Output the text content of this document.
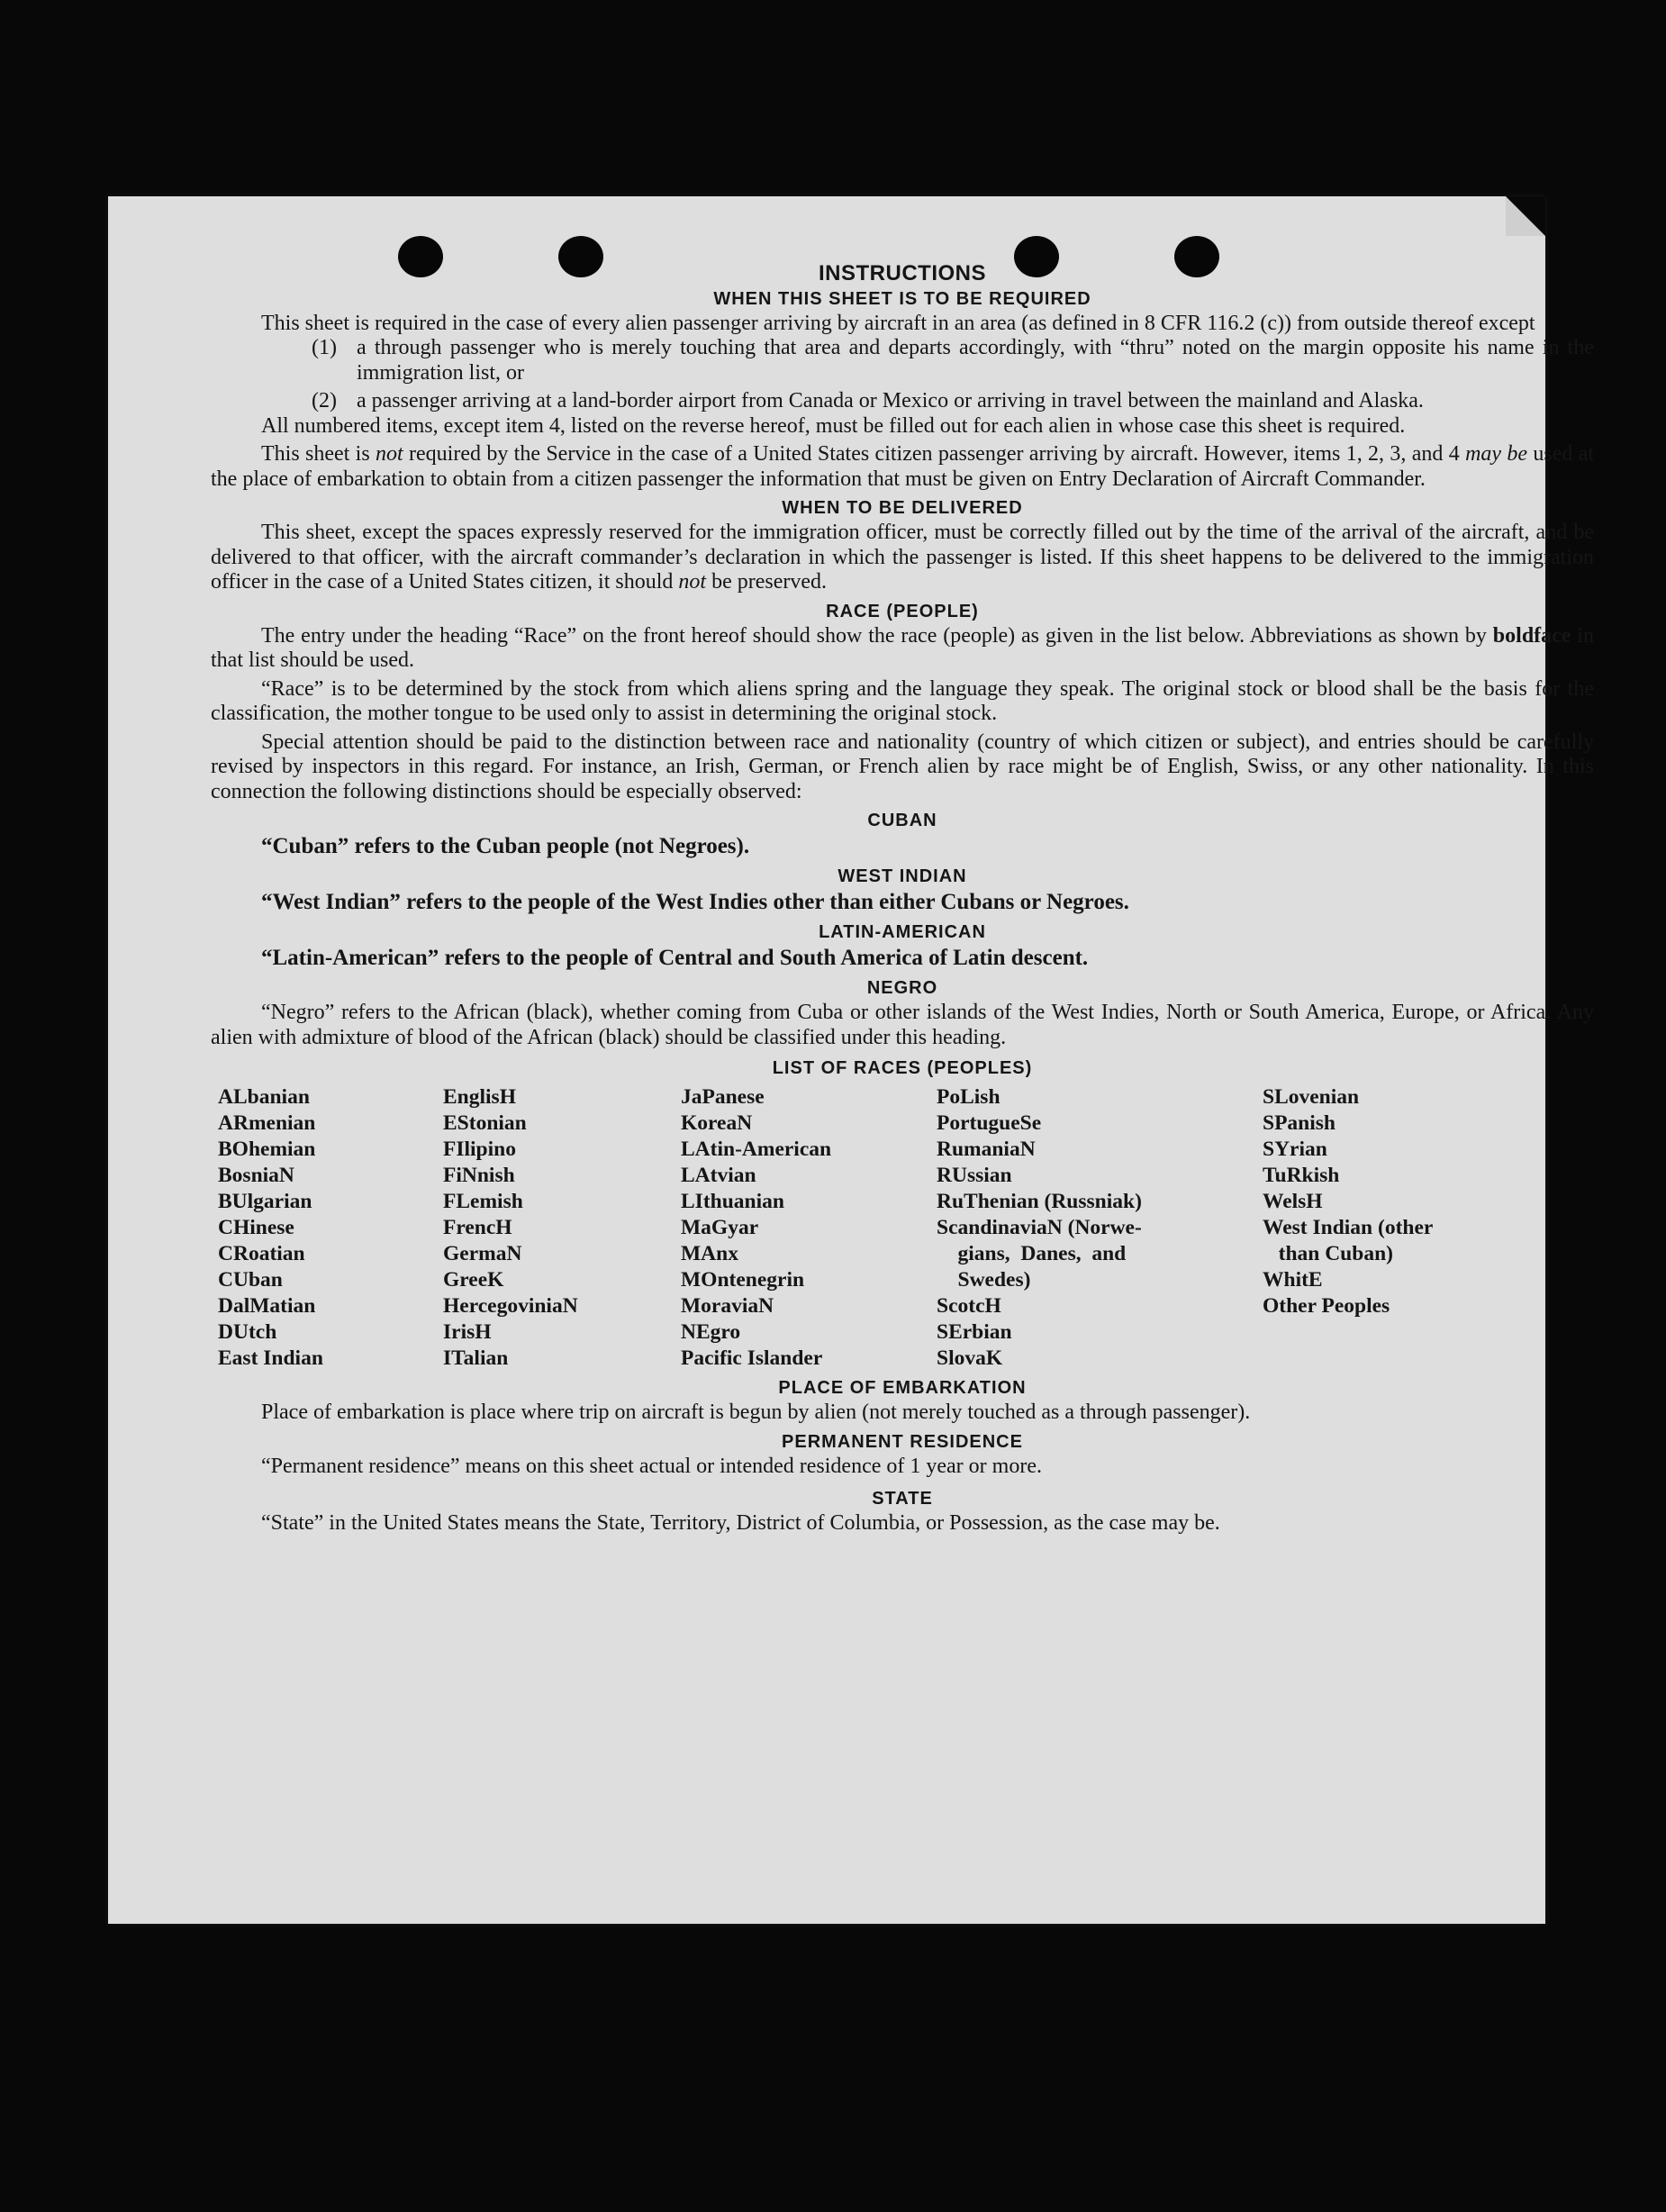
INSTRUCTIONS
WHEN THIS SHEET IS TO BE REQUIRED

This sheet is required in the case of every alien passenger arriving by aircraft in an area (as defined in 8 CFR 116.2 (c)) from outside thereof except

(1) a through passenger who is merely touching that area and departs accordingly, with “thru” noted on the margin opposite his name in the immigration list, or
(2) a passenger arriving at a land-border airport from Canada or Mexico or arriving in travel between the mainland and Alaska.

All numbered items, except item 4, listed on the reverse hereof, must be filled out for each alien in whose case this sheet is required.

This sheet is not required by the Service in the case of a United States citizen passenger arriving by aircraft. However, items 1, 2, 3, and 4 may be used at the place of embarkation to obtain from a citizen passenger the information that must be given on Entry Declaration of Aircraft Commander.

WHEN TO BE DELIVERED

This sheet, except the spaces expressly reserved for the immigration officer, must be correctly filled out by the time of the arrival of the aircraft, and be delivered to that officer, with the aircraft commander’s declaration in which the passenger is listed. If this sheet happens to be delivered to the immigration officer in the case of a United States citizen, it should not be preserved.

RACE (PEOPLE)

The entry under the heading “Race” on the front hereof should show the race (people) as given in the list below. Abbreviations as shown by boldface in that list should be used.

“Race” is to be determined by the stock from which aliens spring and the language they speak. The original stock or blood shall be the basis for the classification, the mother tongue to be used only to assist in determining the original stock.

Special attention should be paid to the distinction between race and nationality (country of which citizen or subject), and entries should be carefully revised by inspectors in this regard. For instance, an Irish, German, or French alien by race might be of English, Swiss, or any other nationality. In this connection the following distinctions should be especially observed:

CUBAN
“Cuban” refers to the Cuban people (not Negroes).
WEST INDIAN
“West Indian” refers to the people of the West Indies other than either Cubans or Negroes.
LATIN-AMERICAN
“Latin-American” refers to the people of Central and South America of Latin descent.
NEGRO

“Negro” refers to the African (black), whether coming from Cuba or other islands of the West Indies, North or South America, Europe, or Africa. Any alien with admixture of blood of the African (black) should be classified under this heading.

LIST OF RACES (PEOPLES)
ALbanian
ARmenian
BOhemian
BosniaN
BUlgarian
CHinese
CRoatian
CUban
DalMatian
DUtch
East Indian
EnglisH
EStonian
FIlipino
FiNnish
FLemish
FrencH
GermaN
GreeK
HercegoviniaN
IrisH
ITalian
JaPanese
KoreaN
LAtin-American
LAtvian
LIthuanian
MaGyar
MAnx
MOntenegrin
MoraviaN
NEgro
Pacific Islander
PoLish
PortugueSe
RumaniaN
RUssian
RuThenian (Russniak)
ScandinaviaN (Norwe-
gians,  Danes,  and
Swedes)
ScotcH
SErbian
SlovaK
SLovenian
SPanish
SYrian
TuRkish
WelsH
West Indian (other
than Cuban)
WhitE
Other Peoples
PLACE OF EMBARKATION

Place of embarkation is place where trip on aircraft is begun by alien (not merely touched as a through passenger).

PERMANENT RESIDENCE

“Permanent residence” means on this sheet actual or intended residence of 1 year or more.

STATE

“State” in the United States means the State, Territory, District of Columbia, or Possession, as the case may be.
